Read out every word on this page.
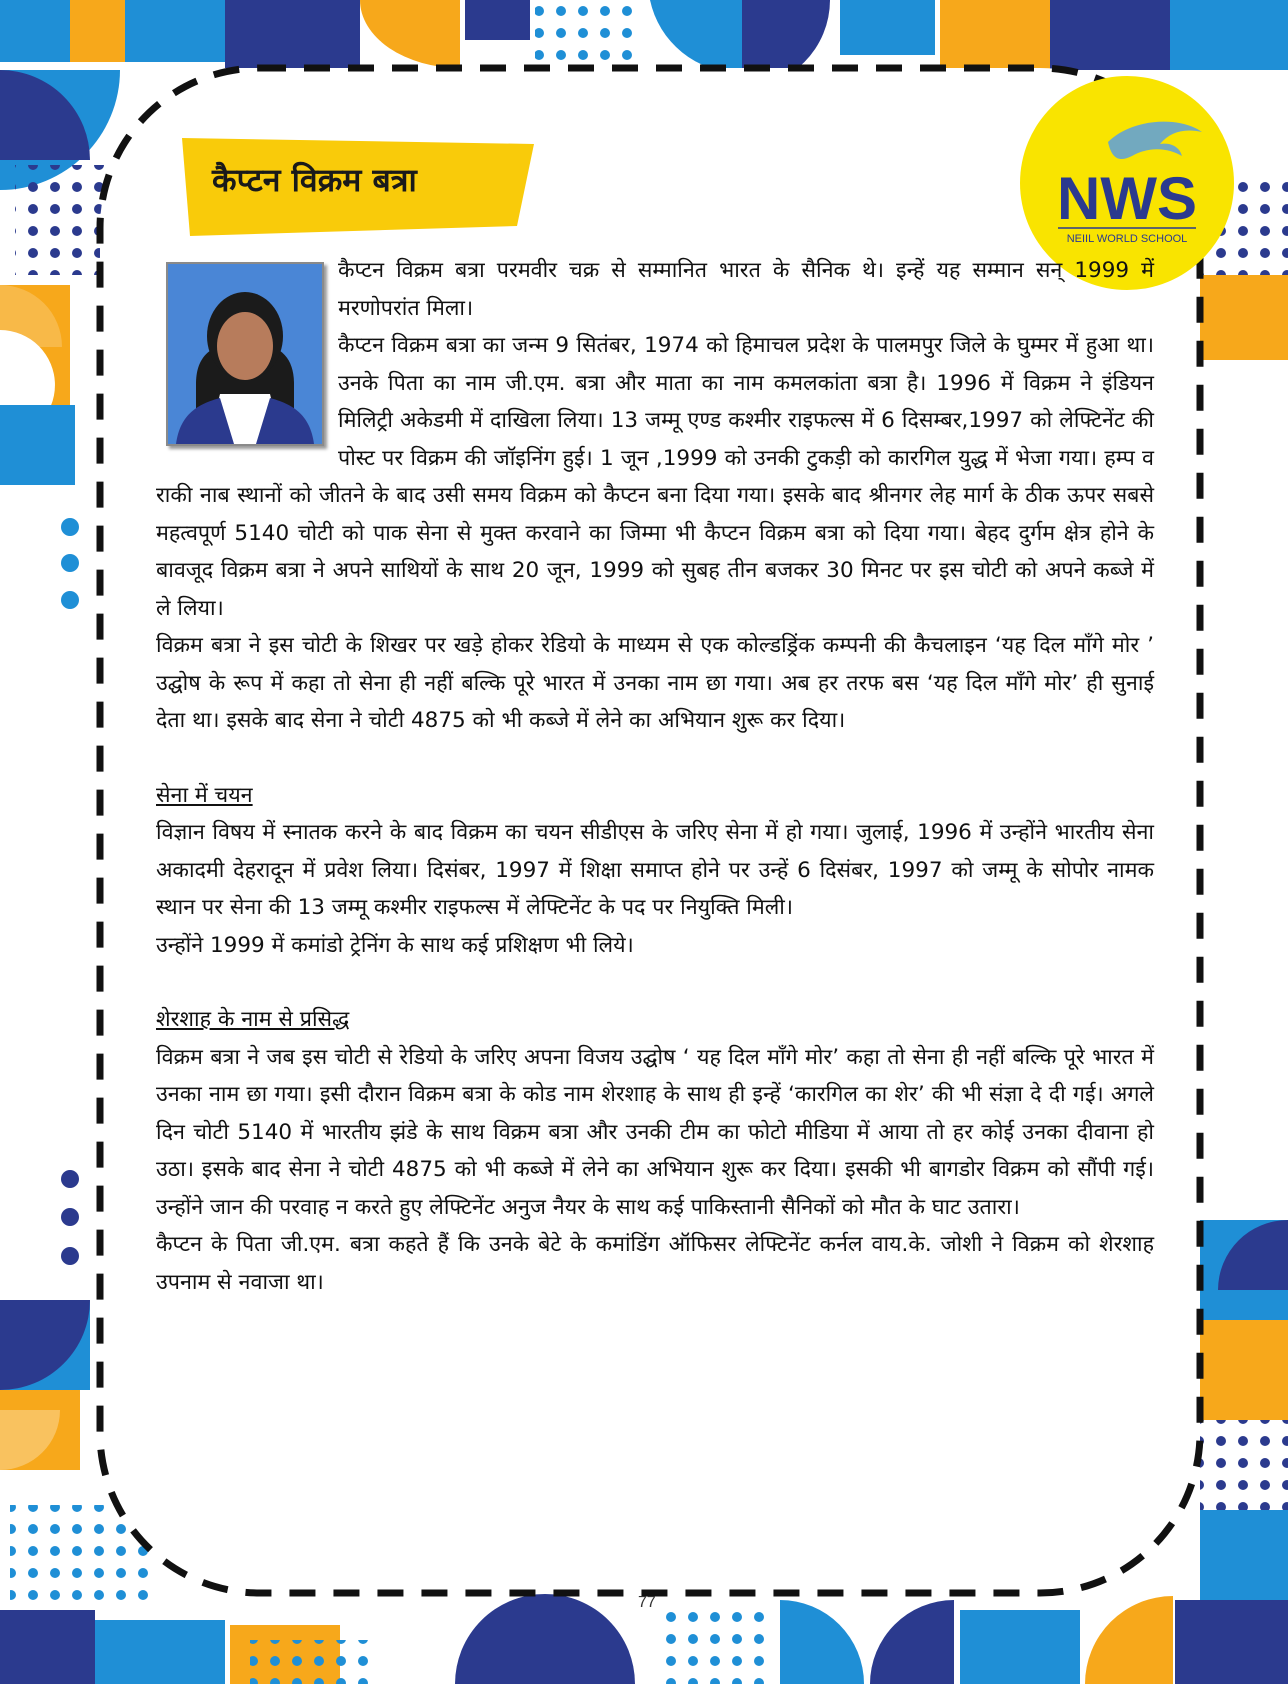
कैप्टन विक्रम बत्रा	NWS
NEIIL WORLD SCHOOL

कैप्टन विक्रम बत्रा परमवीर चक्र से सम्मानित भारत के सैनिक थे। इन्हें यह सम्मान सन् 1999 में मरणोपरांत मिला।

कैप्टन विक्रम बत्रा का जन्म 9 सितंबर, 1974 को हिमाचल प्रदेश के पालमपुर जिले के घुम्मर में हुआ था। उनके पिता का नाम जी.एम. बत्रा और माता का नाम कमलकांता बत्रा है। 1996 में विक्रम ने इंडियन मिलिट्री अकेडमी में दाखिला लिया। 13 जम्मू एण्ड कश्मीर राइफल्स में 6 दिसम्बर,1997 को लेफ्टिनेंट की पोस्ट पर विक्रम की जॉइनिंग हुई। 1 जून ,1999 को उनकी टुकड़ी को कारगिल युद्ध में भेजा गया। हम्प व राकी नाब स्थानों को जीतने के बाद उसी समय विक्रम को कैप्टन बना दिया गया। इसके बाद श्रीनगर लेह मार्ग के ठीक ऊपर सबसे महत्वपूर्ण 5140 चोटी को पाक सेना से मुक्त करवाने का जिम्मा भी कैप्टन विक्रम बत्रा को दिया गया। बेहद दुर्गम क्षेत्र होने के बावजूद विक्रम बत्रा ने अपने साथियों के साथ 20 जून, 1999 को सुबह तीन बजकर 30 मिनट पर इस चोटी को अपने कब्जे में ले लिया।

विक्रम बत्रा ने इस चोटी के शिखर पर खड़े होकर रेडियो के माध्यम से एक कोल्डड्रिंक कम्पनी की कैचलाइन ‘यह दिल माँगे मोर ’ उद्घोष के रूप में कहा तो सेना ही नहीं बल्कि पूरे भारत में उनका नाम छा गया। अब हर तरफ बस ‘यह दिल माँगे मोर’ ही सुनाई देता था। इसके बाद सेना ने चोटी 4875 को भी कब्जे में लेने का अभियान शुरू कर दिया।

सेना में चयन

विज्ञान विषय में स्नातक करने के बाद विक्रम का चयन सीडीएस के जरिए सेना में हो गया। जुलाई, 1996 में उन्होंने भारतीय सेना अकादमी देहरादून में प्रवेश लिया। दिसंबर, 1997 में शिक्षा समाप्त होने पर उन्हें 6 दिसंबर, 1997 को जम्मू के सोपोर नामक स्थान पर सेना की 13 जम्मू कश्मीर राइफल्स में लेफ्टिनेंट के पद पर नियुक्ति मिली।

उन्होंने 1999 में कमांडो ट्रेनिंग के साथ कई प्रशिक्षण भी लिये।

शेरशाह के नाम से प्रसिद्ध

विक्रम बत्रा ने जब इस चोटी से रेडियो के जरिए अपना विजय उद्घोष ‘ यह दिल माँगे मोर’ कहा तो सेना ही नहीं बल्कि पूरे भारत में उनका नाम छा गया। इसी दौरान विक्रम बत्रा के कोड नाम शेरशाह के साथ ही इन्हें ‘कारगिल का शेर’ की भी संज्ञा दे दी गई। अगले दिन चोटी 5140 में भारतीय झंडे के साथ विक्रम बत्रा और उनकी टीम का फोटो मीडिया में आया तो हर कोई उनका दीवाना हो उठा। इसके बाद सेना ने चोटी 4875 को भी कब्जे में लेने का अभियान शुरू कर दिया। इसकी भी बागडोर विक्रम को सौंपी गई। उन्होंने जान की परवाह न करते हुए लेफ्टिनेंट अनुज नैयर के साथ कई पाकिस्तानी सैनिकों को मौत के घाट उतारा।

कैप्टन के पिता जी.एम. बत्रा कहते हैं कि उनके बेटे के कमांडिंग ऑफिसर लेफ्टिनेंट कर्नल वाय.के. जोशी ने विक्रम को शेरशाह उपनाम से नवाजा था।

77
